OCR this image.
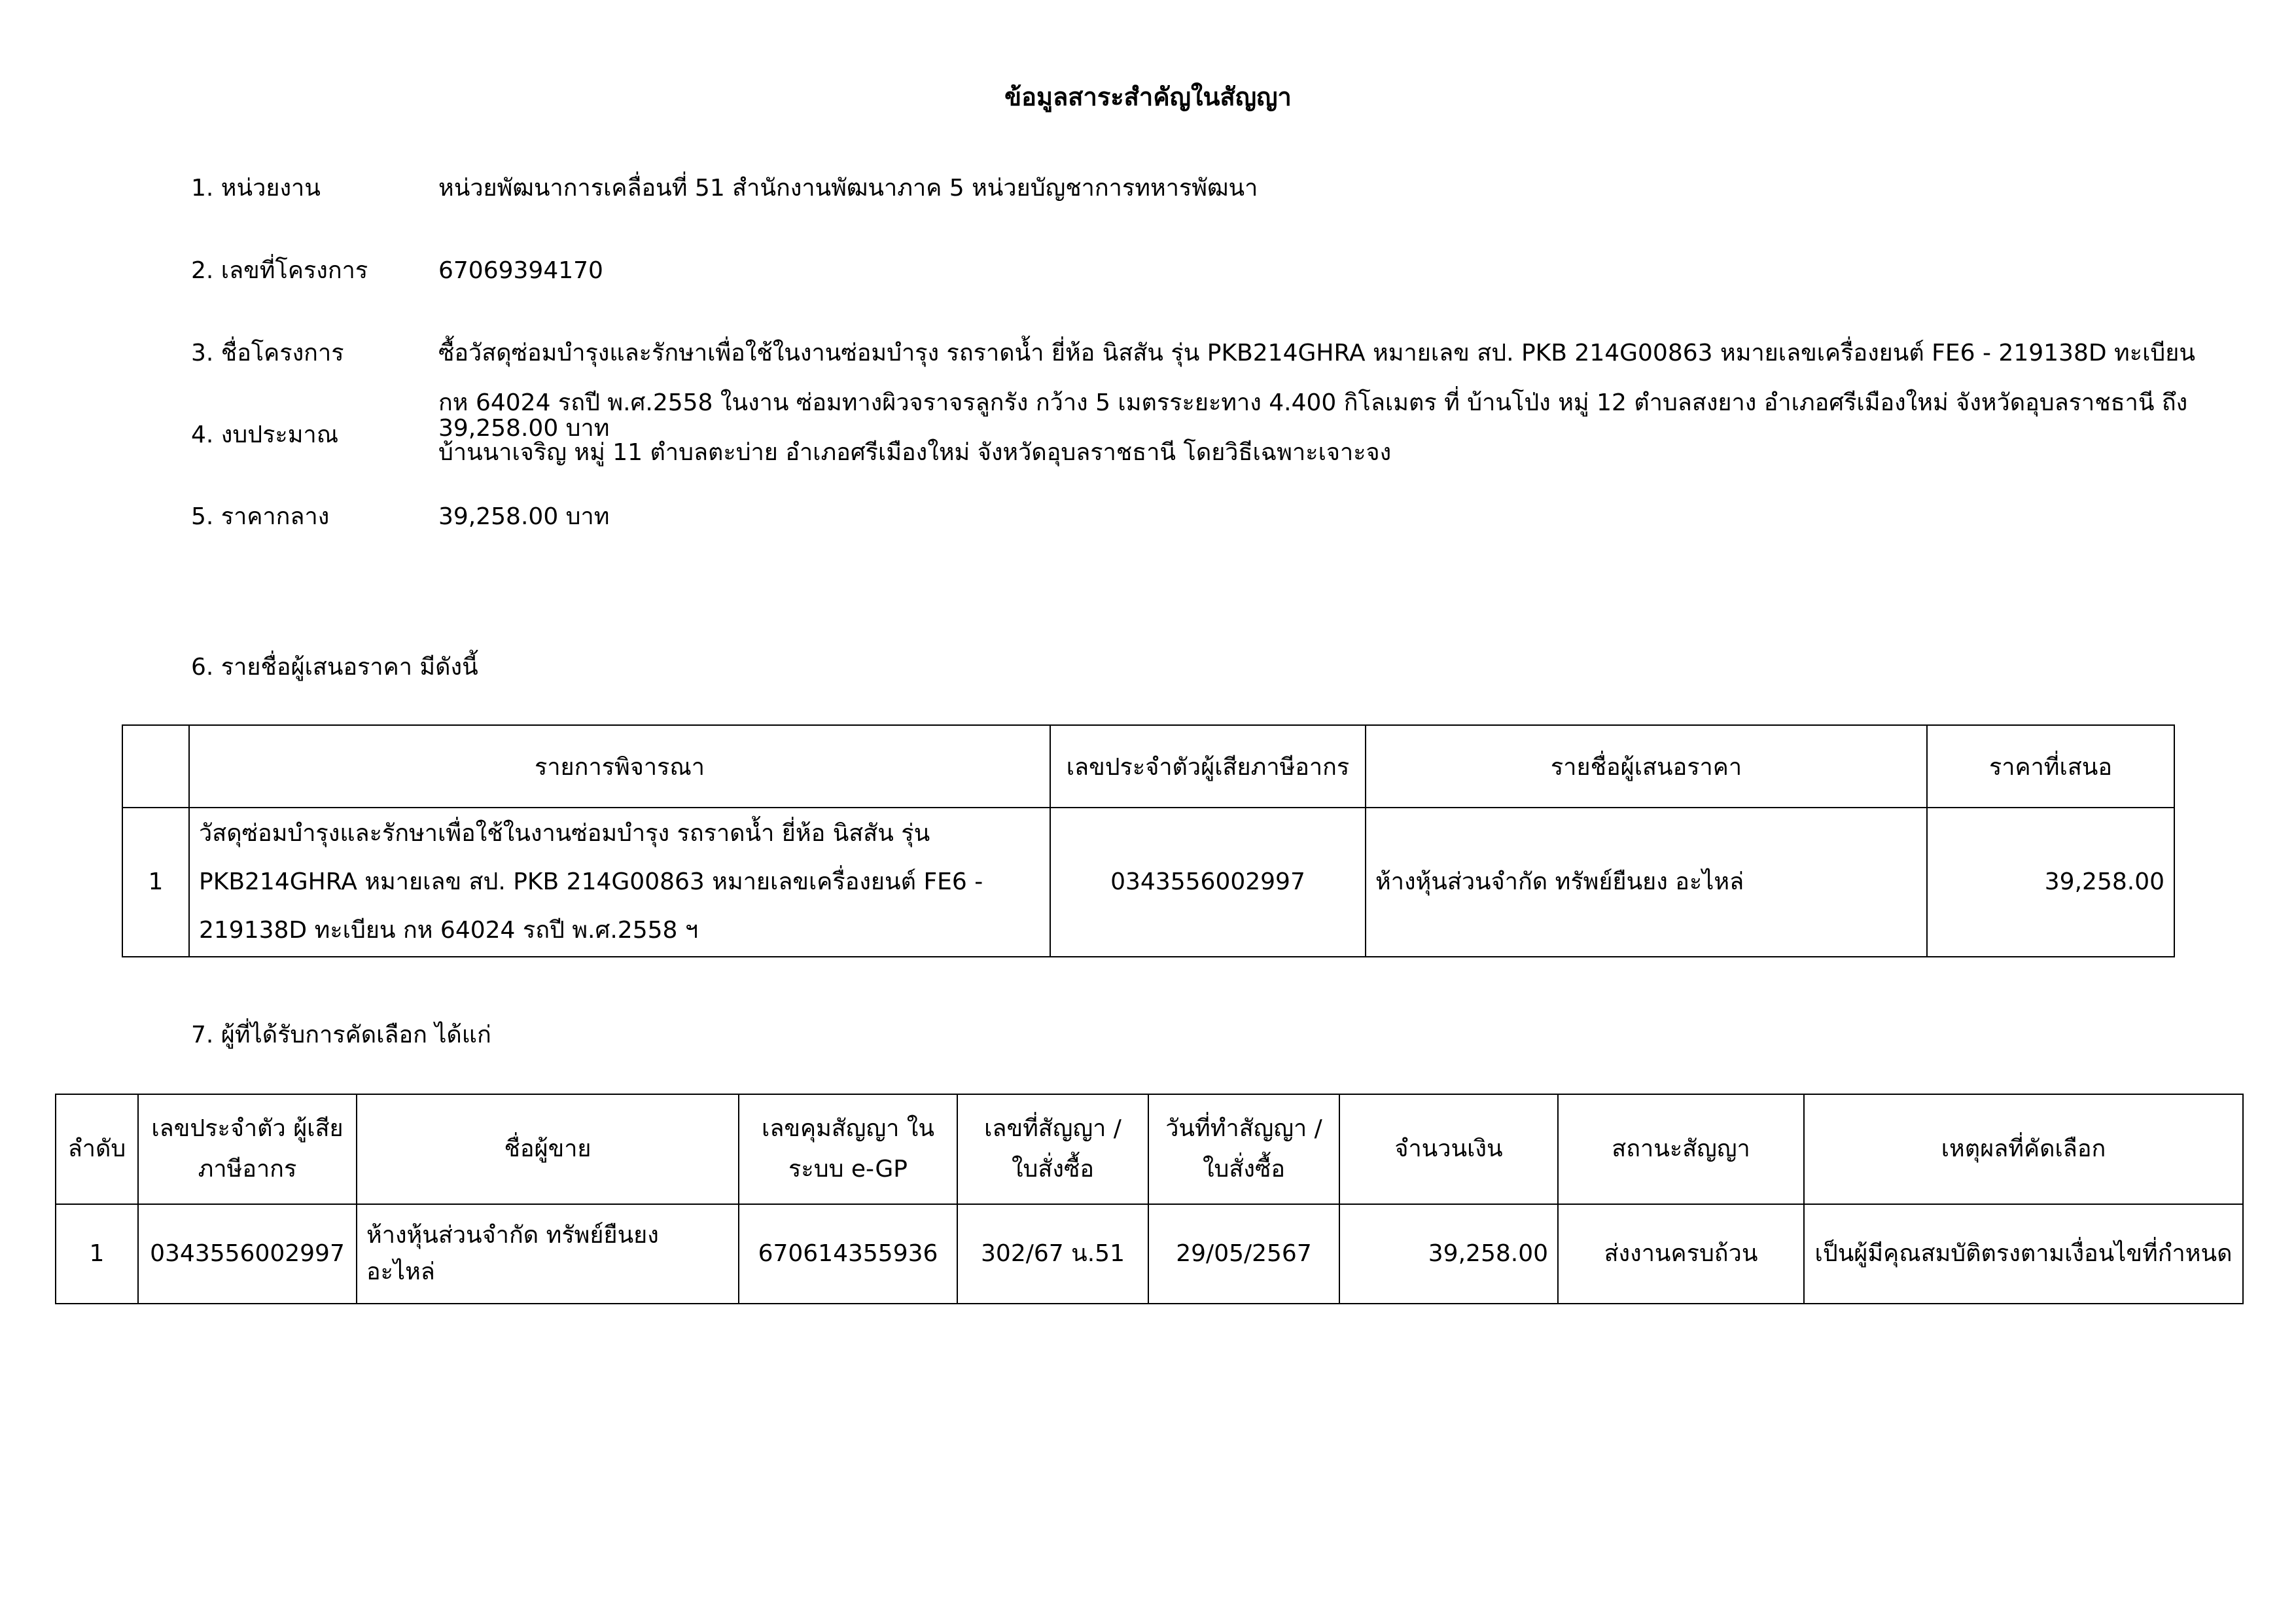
ข้อมูลสาระสำคัญในสัญญา
1. หน่วยงาน	หน่วยพัฒนาการเคลื่อนที่ 51 สำนักงานพัฒนาภาค 5 หน่วยบัญชาการทหารพัฒนา
2. เลขที่โครงการ	67069394170
3. ชื่อโครงการ	ซื้อวัสดุซ่อมบำรุงและรักษาเพื่อใช้ในงานซ่อมบำรุง รถราดน้ำ ยี่ห้อ นิสสัน รุ่น PKB214GHRA หมายเลข สป. PKB 214G00863 หมายเลขเครื่องยนต์ FE6 - 219138D ทะเบียน กห 64024 รถปี พ.ศ.2558 ในงาน ซ่อมทางผิวจราจรลูกรัง กว้าง 5 เมตรระยะทาง 4.400 กิโลเมตร ที่ บ้านโป่ง หมู่ 12 ตำบลสงยาง อำเภอศรีเมืองใหม่ จังหวัดอุบลราชธานี ถึง บ้านนาเจริญ หมู่ 11 ตำบลตะบ่าย อำเภอศรีเมืองใหม่ จังหวัดอุบลราชธานี โดยวิธีเฉพาะเจาะจง
4. งบประมาณ	39,258.00 บาท
5. ราคากลาง	39,258.00 บาท
6. รายชื่อผู้เสนอราคา มีดังนี้
	รายการพิจารณา	เลขประจำตัวผู้เสียภาษีอากร	รายชื่อผู้เสนอราคา	ราคาที่เสนอ
1	วัสดุซ่อมบำรุงและรักษาเพื่อใช้ในงานซ่อมบำรุง รถราดน้ำ ยี่ห้อ นิสสัน รุ่น PKB214GHRA หมายเลข สป. PKB 214G00863 หมายเลขเครื่องยนต์ FE6 - 219138D ทะเบียน กห 64024 รถปี พ.ศ.2558 ฯ	0343556002997	ห้างหุ้นส่วนจำกัด ทรัพย์ยืนยง อะไหล่	39,258.00
7. ผู้ที่ได้รับการคัดเลือก ได้แก่
ลำดับ	เลขประจำตัว ผู้เสียภาษีอากร	ชื่อผู้ขาย	เลขคุมสัญญา ในระบบ e-GP	เลขที่สัญญา / ใบสั่งซื้อ	วันที่ทำสัญญา / ใบสั่งซื้อ	จำนวนเงิน	สถานะสัญญา	เหตุผลที่คัดเลือก
1	0343556002997	ห้างหุ้นส่วนจำกัด ทรัพย์ยืนยง อะไหล่	670614355936	302/67 น.51	29/05/2567	39,258.00	ส่งงานครบถ้วน	เป็นผู้มีคุณสมบัติตรงตามเงื่อนไขที่กำหนด
